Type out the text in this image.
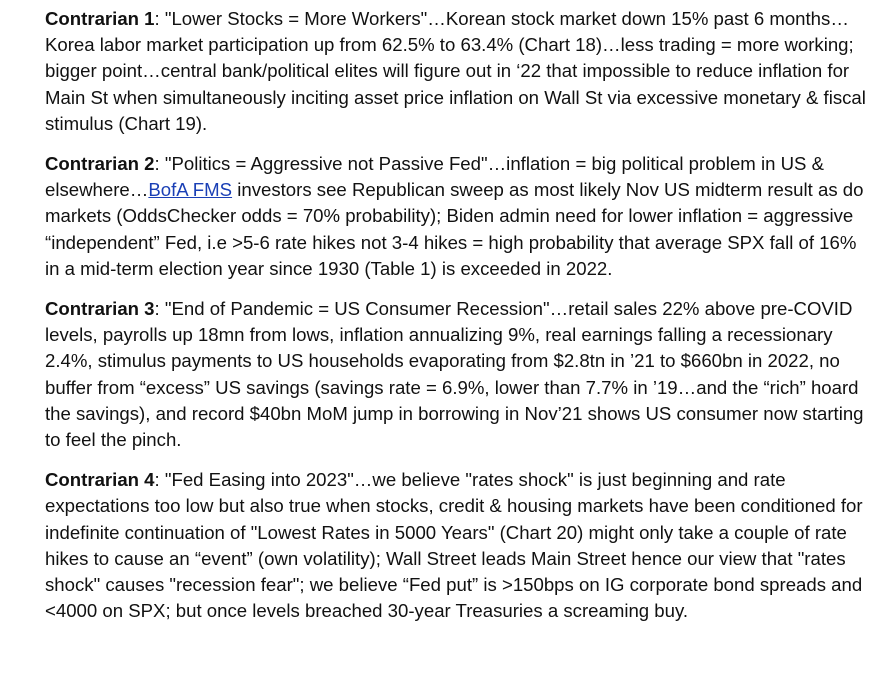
Contrarian 1: "Lower Stocks = More Workers"…Korean stock market down 15% past 6 months…Korea labor market participation up from 62.5% to 63.4% (Chart 18)…less trading = more working; bigger point…central bank/political elites will figure out in ‘22 that impossible to reduce inflation for Main St when simultaneously inciting asset price inflation on Wall St via excessive monetary & fiscal stimulus (Chart 19).

Contrarian 2: "Politics = Aggressive not Passive Fed"…inflation = big political problem in US & elsewhere…BofA FMS investors see Republican sweep as most likely Nov US midterm result as do markets (OddsChecker odds = 70% probability); Biden admin need for lower inflation = aggressive “independent” Fed, i.e >5-6 rate hikes not 3-4 hikes = high probability that average SPX fall of 16% in a mid-term election year since 1930 (Table 1) is exceeded in 2022.

Contrarian 3: "End of Pandemic = US Consumer Recession"…retail sales 22% above pre-COVID levels, payrolls up 18mn from lows, inflation annualizing 9%, real earnings falling a recessionary 2.4%, stimulus payments to US households evaporating from $2.8tn in ’21 to $660bn in 2022, no buffer from “excess” US savings (savings rate = 6.9%, lower than 7.7% in ’19…and the “rich” hoard the savings), and record $40bn MoM jump in borrowing in Nov’21 shows US consumer now starting to feel the pinch.

Contrarian 4: "Fed Easing into 2023"…we believe "rates shock" is just beginning and rate expectations too low but also true when stocks, credit & housing markets have been conditioned for indefinite continuation of "Lowest Rates in 5000 Years" (Chart 20) might only take a couple of rate hikes to cause an “event” (own volatility); Wall Street leads Main Street hence our view that "rates shock" causes "recession fear"; we believe “Fed put” is >150bps on IG corporate bond spreads and <4000 on SPX; but once levels breached 30-year Treasuries a screaming buy.
